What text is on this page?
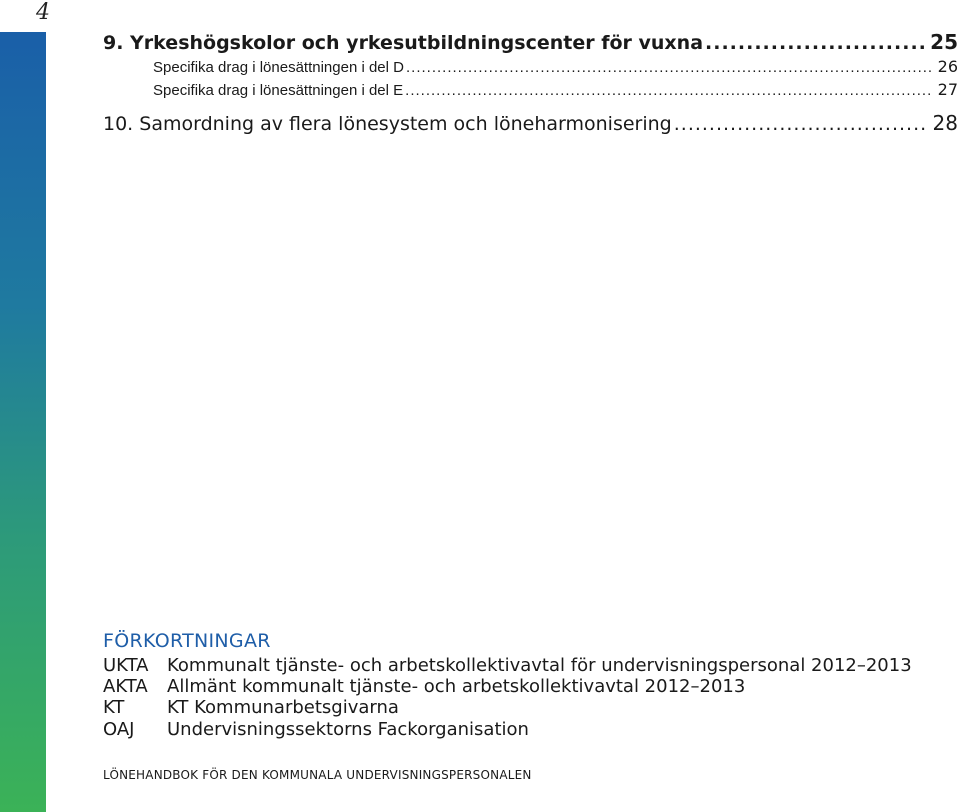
4
9. Yrkeshögskolor och yrkesutbildningscenter för vuxna .....	25
Specifika drag i lönesättningen i del D .....	26
Specifika drag i lönesättningen i del E .....	27
10. Samordning av flera lönesystem och löneharmonisering .....	28
FÖRKORTNINGAR
UKTA	Kommunalt tjänste- och arbetskollektivavtal för undervisningspersonal 2012–2013
AKTA	Allmänt kommunalt tjänste- och arbetskollektivavtal 2012–2013
KT	KT Kommunarbetsgivarna
OAJ	Undervisningssektorns Fackorganisation
LÖNEHANDBOK FÖR DEN KOMMUNALA UNDERVISNINGSPERSONALEN
